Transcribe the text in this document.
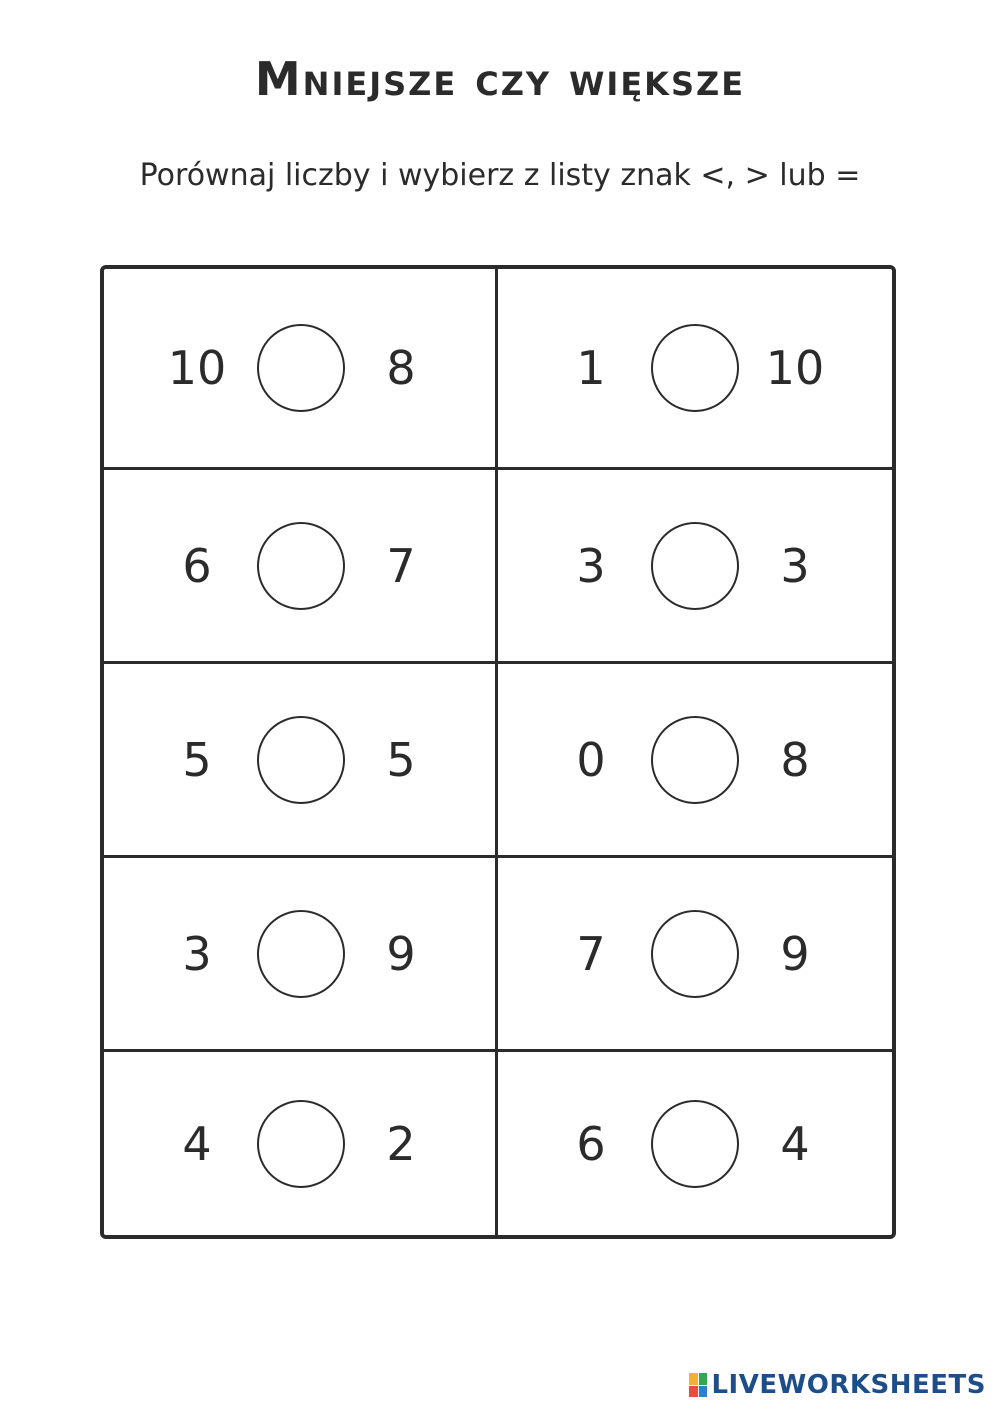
Mniejsze czy większe
Porównaj liczby i wybierz z listy znak <, > lub =
10	8	1	10
6	7	3	3
5	5	0	8
3	9	7	9
4	2	6	4
LIVEWORKSHEETS
